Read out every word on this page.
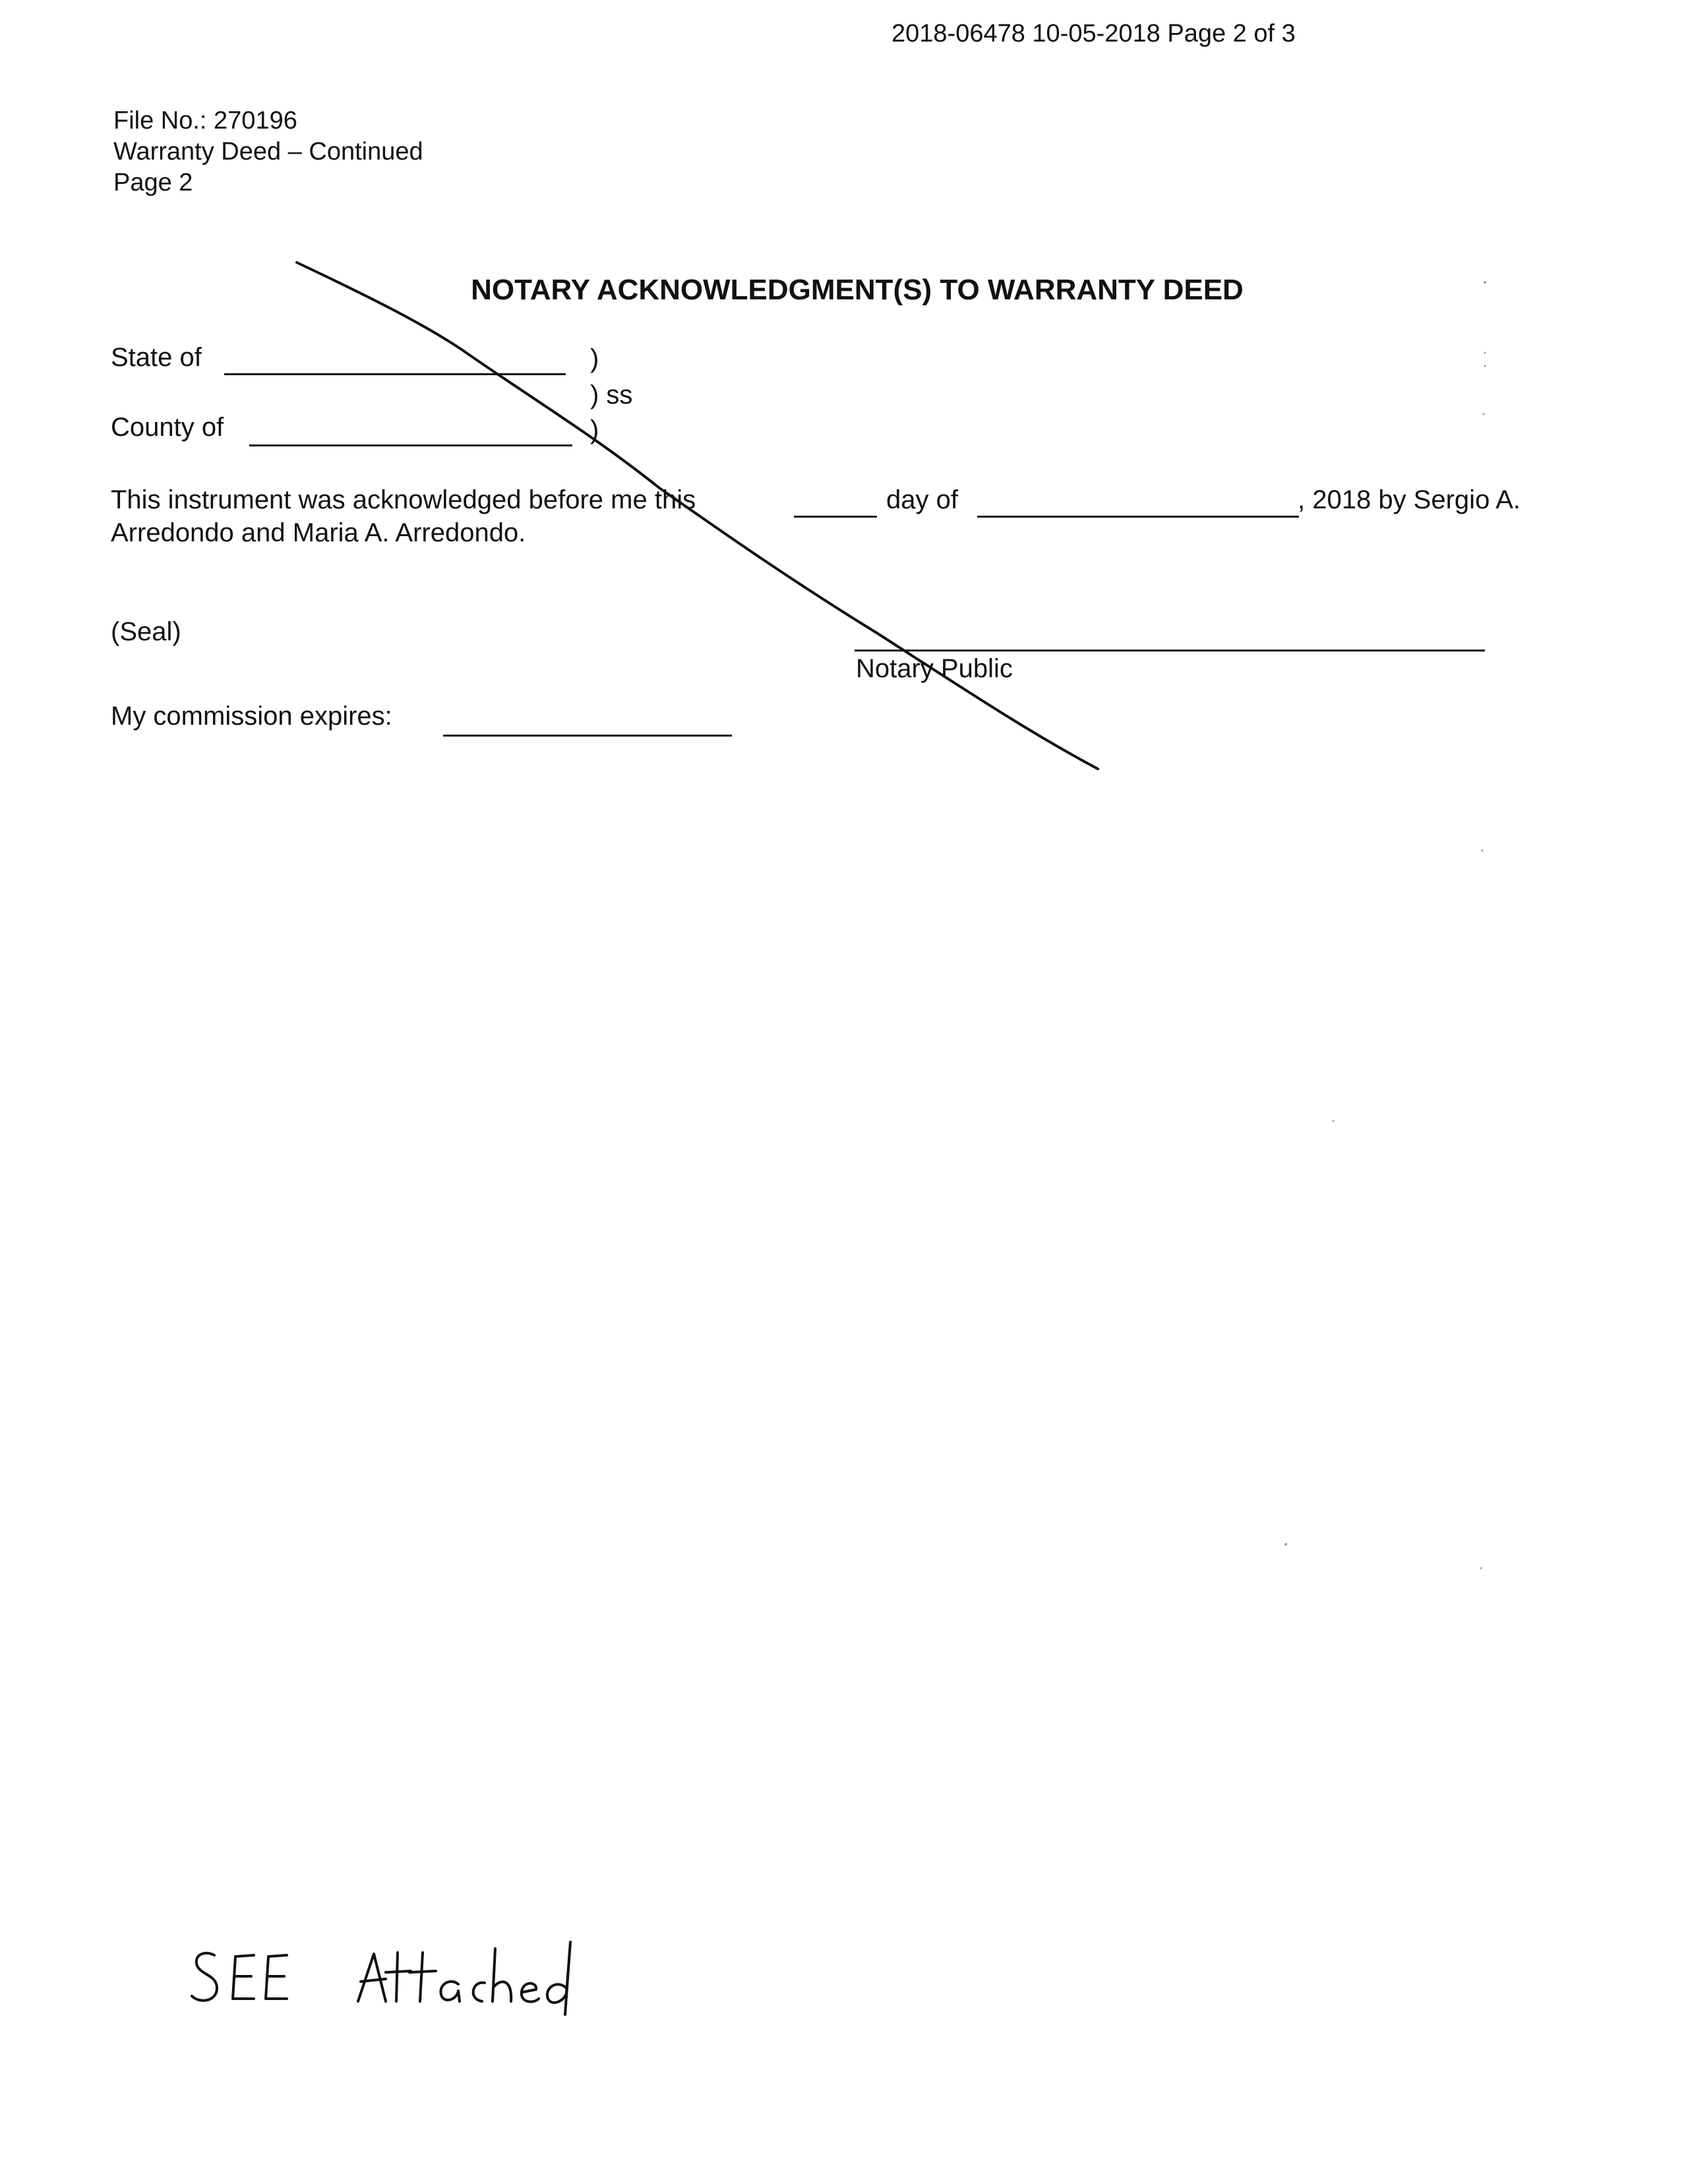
2018-06478 10-05-2018 Page 2 of 3
File No.: 270196
Warranty Deed – Continued
Page 2
NOTARY ACKNOWLEDGMENT(S) TO WARRANTY DEED
State of	)
) ss
County of	)
This instrument was acknowledged before me this	day of	, 2018 by Sergio A.
Arredondo and Maria A. Arredondo.
(Seal)
Notary Public
My commission expires:
